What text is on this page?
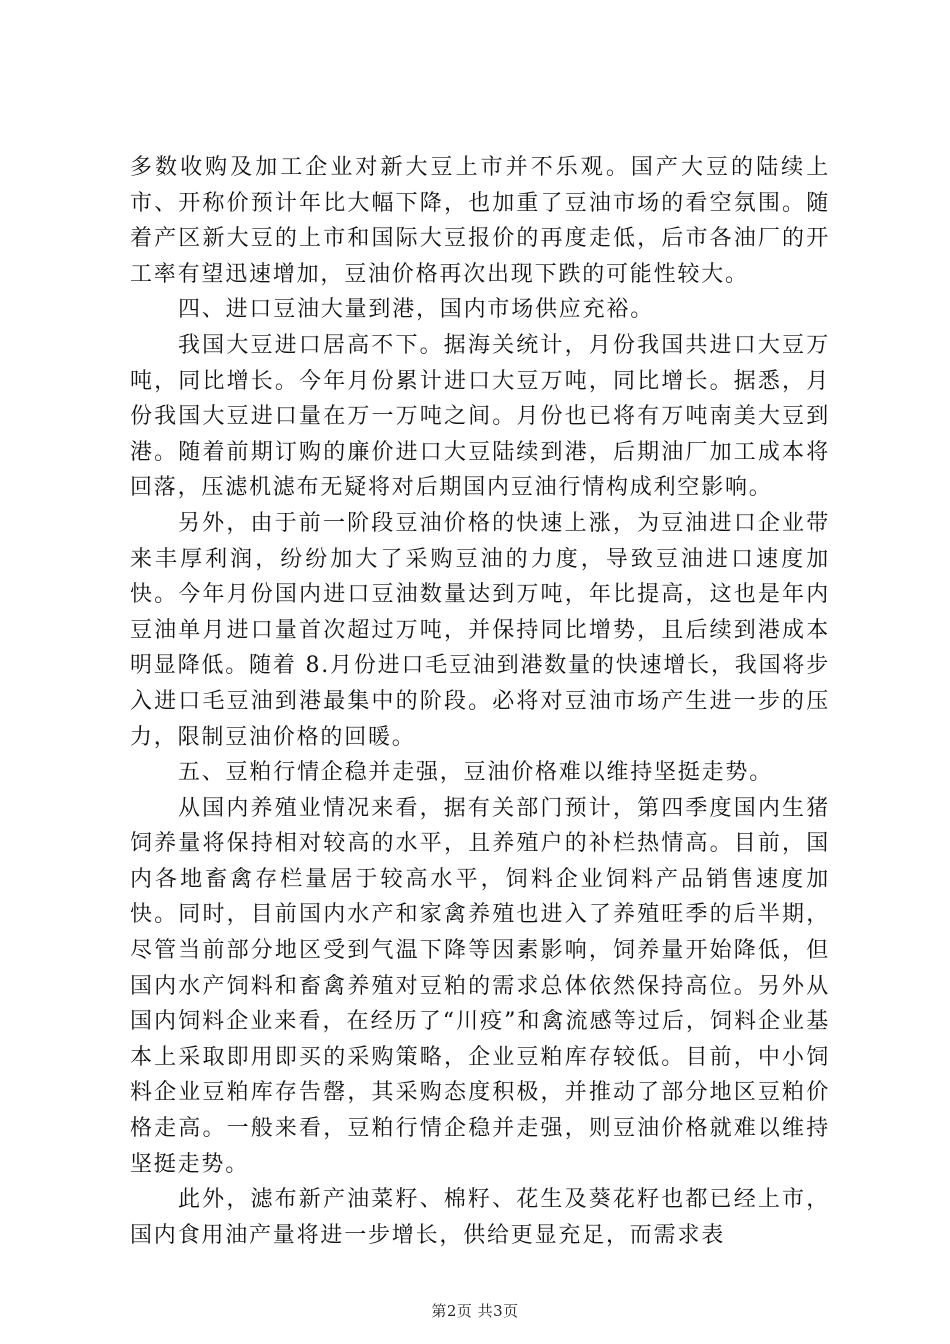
多数收购及加工企业对新大豆上市并不乐观。国产大豆的陆续上市、开称价预计年比大幅下降，也加重了豆油市场的看空氛围。随着产区新大豆的上市和国际大豆报价的再度走低，后市各油厂的开工率有望迅速增加，豆油价格再次出现下跌的可能性较大。

四、进口豆油大量到港，国内市场供应充裕。

我国大豆进口居高不下。据海关统计，月份我国共进口大豆万吨，同比增长。今年月份累计进口大豆万吨，同比增长。据悉，月份我国大豆进口量在万一万吨之间。月份也已将有万吨南美大豆到港。随着前期订购的廉价进口大豆陆续到港，后期油厂加工成本将回落，压滤机滤布无疑将对后期国内豆油行情构成利空影响。

另外，由于前一阶段豆油价格的快速上涨，为豆油进口企业带来丰厚利润，纷纷加大了采购豆油的力度，导致豆油进口速度加快。今年月份国内进口豆油数量达到万吨，年比提高，这也是年内豆油单月进口量首次超过万吨，并保持同比增势，且后续到港成本明显降低。随着 8.月份进口毛豆油到港数量的快速增长，我国将步入进口毛豆油到港最集中的阶段。必将对豆油市场产生进一步的压力，限制豆油价格的回暖。

五、豆粕行情企稳并走强，豆油价格难以维持坚挺走势。

从国内养殖业情况来看，据有关部门预计，第四季度国内生猪饲养量将保持相对较高的水平，且养殖户的补栏热情高。目前，国内各地畜禽存栏量居于较高水平，饲料企业饲料产品销售速度加快。同时，目前国内水产和家禽养殖也进入了养殖旺季的后半期，尽管当前部分地区受到气温下降等因素影响，饲养量开始降低，但国内水产饲料和畜禽养殖对豆粕的需求总体依然保持高位。另外从国内饲料企业来看，在经历了“川疫”和禽流感等过后，饲料企业基本上采取即用即买的采购策略，企业豆粕库存较低。目前，中小饲料企业豆粕库存告罄，其采购态度积极，并推动了部分地区豆粕价格走高。一般来看，豆粕行情企稳并走强，则豆油价格就难以维持坚挺走势。

此外，滤布新产油菜籽、棉籽、花生及葵花籽也都已经上市，国内食用油产量将进一步增长，供给更显充足，而需求表

第2页 共3页
